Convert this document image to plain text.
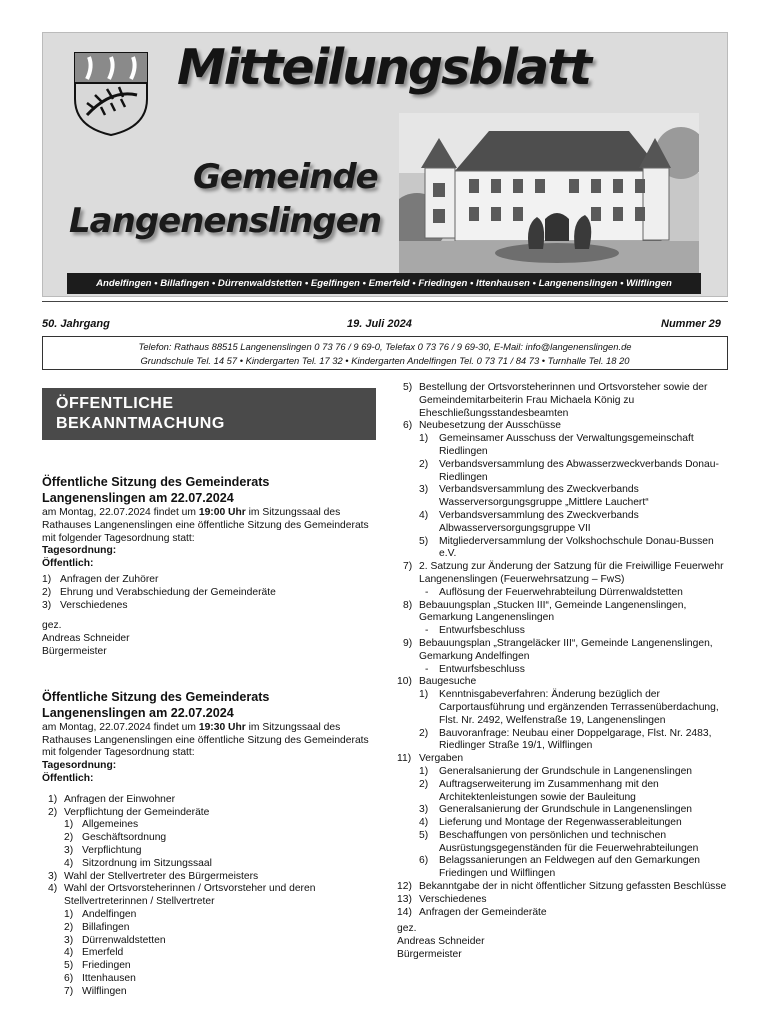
Mitteilungsblatt
Gemeinde
Langenenslingen
Andelfingen • Billafingen • Dürrenwaldstetten • Egelfingen • Emerfeld • Friedingen • Ittenhausen • Langenenslingen • Wilflingen
50. Jahrgang	19. Juli 2024	Nummer 29
Telefon: Rathaus 88515 Langenenslingen 0 73 76 / 9 69-0, Telefax 0 73 76 / 9 69-30, E-Mail: info@langenenslingen.de
Grundschule Tel. 14 57 • Kindergarten Tel. 17 32 • Kindergarten Andelfingen Tel. 0 73 71 / 84 73 • Turnhalle Tel. 18 20
ÖFFENTLICHE
BEKANNTMACHUNG
Öffentliche Sitzung des Gemeinderats
Langenenslingen am 22.07.2024

am Montag, 22.07.2024 findet um 19:00 Uhr im Sitzungssaal des Rathauses Langenenslingen eine öffentliche Sitzung des Gemeinderats mit folgender Tagesordnung statt:

Tagesordnung:
Öffentlich:
1) Anfragen der Zuhörer
2) Ehrung und Verabschiedung der Gemeinderäte
3) Verschiedenes
gez.
Andreas Schneider
Bürgermeister
Öffentliche Sitzung des Gemeinderats
Langenenslingen am 22.07.2024

am Montag, 22.07.2024 findet um 19:30 Uhr im Sitzungssaal des Rathauses Langenenslingen eine öffentliche Sitzung des Gemeinderats mit folgender Tagesordnung statt:

Tagesordnung:
Öffentlich:
1) Anfragen der Einwohner
2) Verpflichtung der Gemeinderäte
1) Allgemeines
2) Geschäftsordnung
3) Verpflichtung
4) Sitzordnung im Sitzungssaal
3) Wahl der Stellvertreter des Bürgermeisters
4) Wahl der Ortsvorsteherinnen / Ortsvorsteher und deren Stellvertreterinnen / Stellvertreter
1) Andelfingen
2) Billafingen
3) Dürrenwaldstetten
4) Emerfeld
5) Friedingen
6) Ittenhausen
7) Wilflingen
5) Bestellung der Ortsvorsteherinnen und Ortsvorsteher sowie der Gemeindemitarbeiterin Frau Michaela König zu Eheschließungsstandesbeamten
6) Neubesetzung der Ausschüsse
1) Gemeinsamer Ausschuss der Verwaltungsgemeinschaft Riedlingen
2) Verbandsversammlung des Abwasserzweckverbands Donau-Riedlingen
3) Verbandsversammlung des Zweckverbands Wasserversorgungsgruppe „Mittlere Lauchert“
4) Verbandsversammlung des Zweckverbands Albwasserversorgungsgruppe VII
5) Mitgliederversammlung der Volkshochschule Donau-Bussen e.V.
7) 2. Satzung zur Änderung der Satzung für die Freiwillige Feuerwehr Langenenslingen (Feuerwehrsatzung – FwS)
- Auflösung der Feuerwehrabteilung Dürrenwaldstetten
8) Bebauungsplan „Stucken III“, Gemeinde Langenenslingen, Gemarkung Langenenslingen
- Entwurfsbeschluss
9) Bebauungsplan „Strangeläcker III“, Gemeinde Langenenslingen, Gemarkung Andelfingen
- Entwurfsbeschluss
10) Baugesuche
1) Kenntnisgabeverfahren: Änderung bezüglich der Carportausführung und ergänzenden Terrassenüberdachung, Flst. Nr. 2492, Welfenstraße 19, Langenenslingen
2) Bauvoranfrage: Neubau einer Doppelgarage, Flst. Nr. 2483, Riedlinger Straße 19/1, Wilflingen
11) Vergaben
1) Generalsanierung der Grundschule in Langenenslingen
2) Auftragserweiterung im Zusammenhang mit den Architektenleistungen sowie der Bauleitung
3) Generalsanierung der Grundschule in Langenenslingen
4) Lieferung und Montage der Regenwasserableitungen
5) Beschaffungen von persönlichen und technischen Ausrüstungsgegenständen für die Feuerwehrabteilungen
6) Belagssanierungen an Feldwegen auf den Gemarkungen Friedingen und Wilflingen
12) Bekanntgabe der in nicht öffentlicher Sitzung gefassten Beschlüsse
13) Verschiedenes
14) Anfragen der Gemeinderäte
gez.
Andreas Schneider
Bürgermeister
